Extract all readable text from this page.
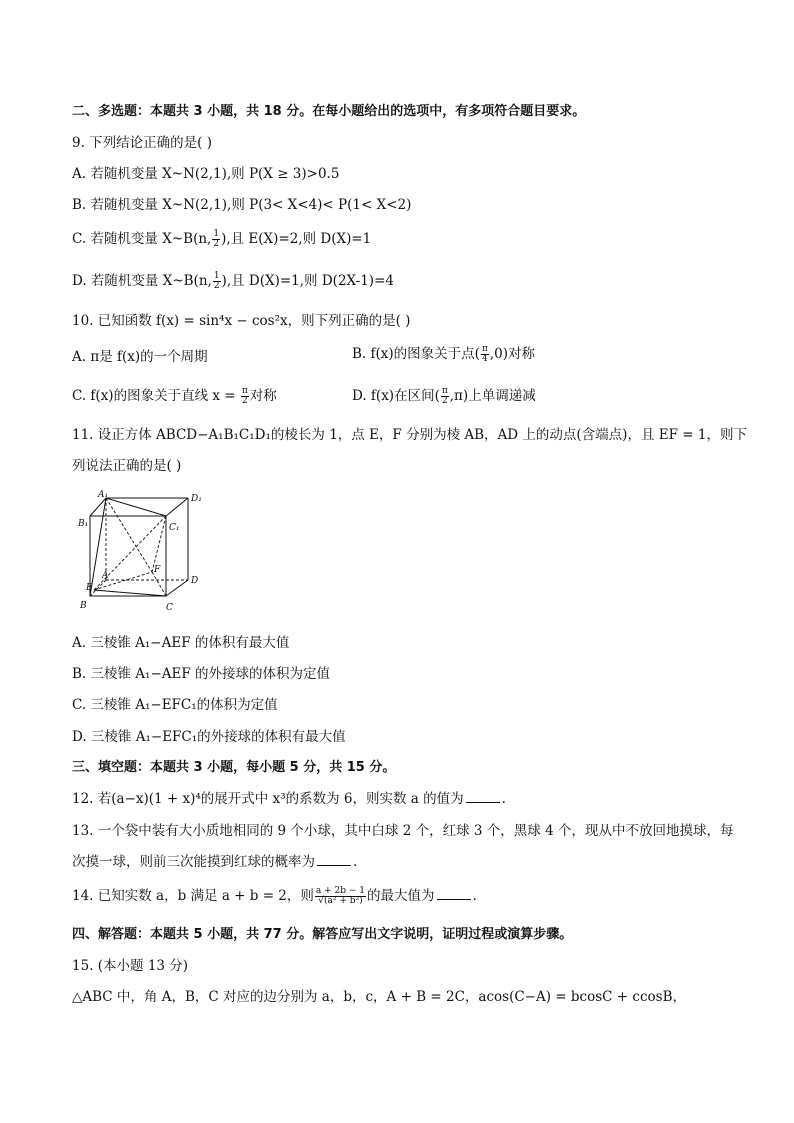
二、多选题：本题共 3 小题，共 18 分。在每小题给出的选项中，有多项符合题目要求。
9. 下列结论正确的是( )
A. 若随机变量 X~N(2,1),则 P(X ≥ 3)>0.5
B. 若随机变量 X~N(2,1),则 P(3< X<4)< P(1< X<2)
C. 若随机变量 X~B(n, $\frac{1}{2}$ ),且 E(X)=2,则 D(X)=1
D. 若随机变量 X~B(n, $\frac{1}{2}$ ),且 D(X)=1,则 D(2X-1)=4
10. 已知函数 f(x) = sin⁴x − cos²x，则下列正确的是( )
A. π是 f(x)的一个周期	B. f(x)的图象关于点( $\frac{\pi}{4} ,0$)对称
C. f(x)的图象关于直线 $x = \frac{\pi}{2}$ 对称	D. f(x)在区间( $\frac{\pi}{2} ,\pi$)上单调递减
11. 设正方体 ABCD−A₁B₁C₁D₁的棱长为 1，点 E，F 分别为棱 AB，AD 上的动点(含端点)，且 EF = 1，则下
列说法正确的是( )
A₁	D₁
B₁	C₁
A
F
D
E
B	C
A. 三棱锥 A₁−AEF 的体积有最大值
B. 三棱锥 A₁−AEF 的外接球的体积为定值
C. 三棱锥 A₁−EFC₁的体积为定值
D. 三棱锥 A₁−EFC₁的外接球的体积有最大值
三、填空题：本题共 3 小题，每小题 5 分，共 15 分。
12. 若(a−x)(1 + x)⁴的展开式中 x³的系数为 6，则实数 a 的值为	.
13. 一个袋中装有大小质地相同的 9 个小球，其中白球 2 个，红球 3 个，黑球 4 个，现从中不放回地摸球，每
次摸一球，则前三次能摸到红球的概率为	.
14. 已知实数 a，b 满足 a + b = 2，则 $\frac{a + 2b - 1}{\text{√(a² + b²)}}$ 的最大值为	.
四、解答题：本题共 5 小题，共 77 分。解答应写出文字说明，证明过程或演算步骤。
15. (本小题 13 分)
△ABC 中，角 A，B，C 对应的边分别为 a，b，c，A + B = 2C，acos(C−A) = bcosC + ccosB，
